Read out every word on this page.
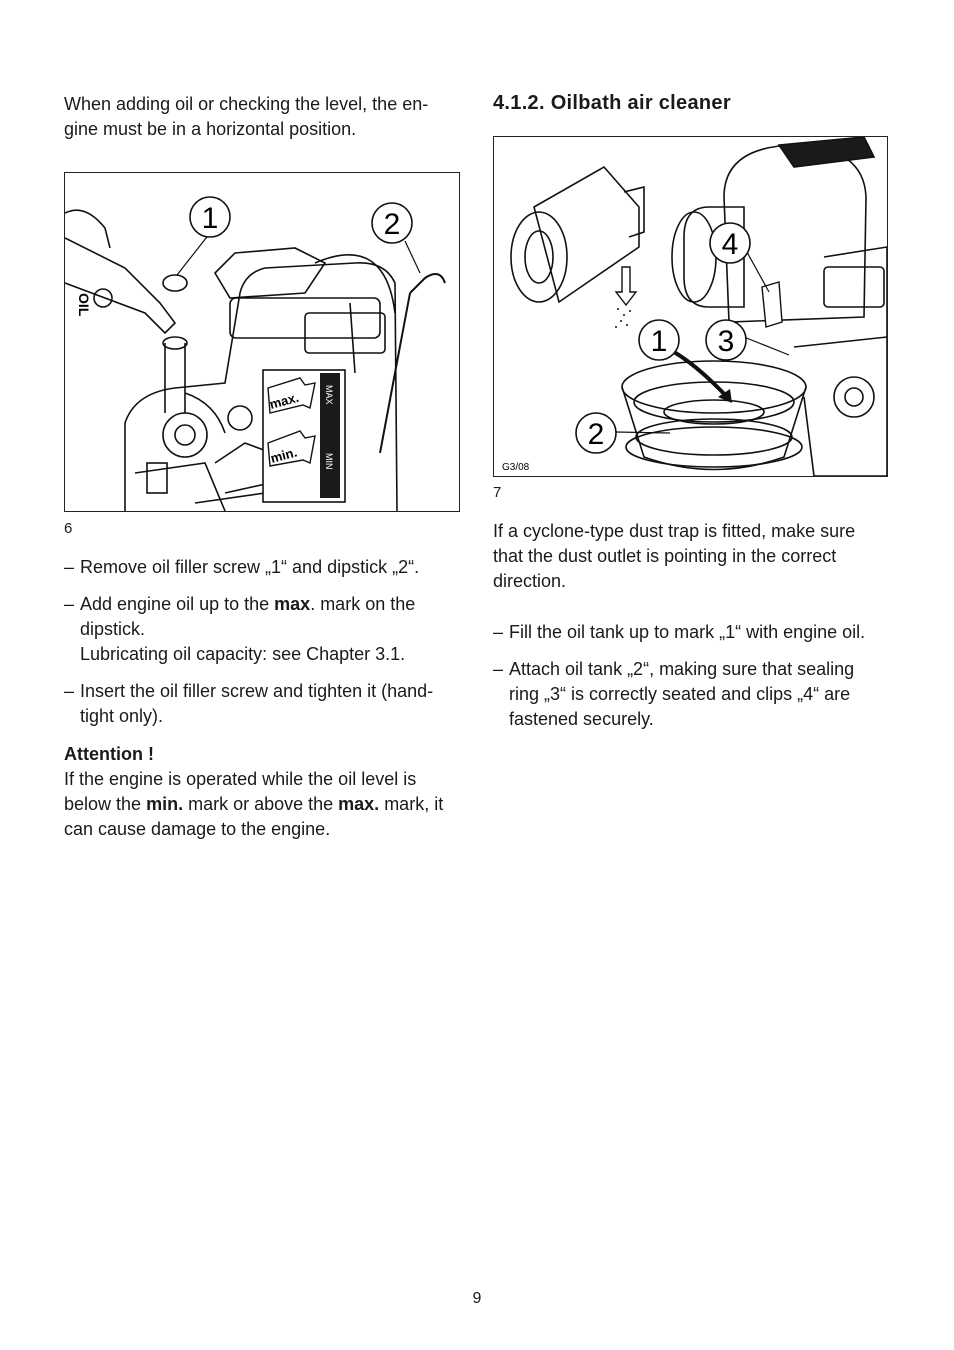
When adding oil or checking the level, the en-
gine must be in a horizontal position.

OIL
1	2
max.
min.
MAX
MIN
6
– Remove oil filler screw „1“ and dipstick „2“.
– Add engine oil up to the max. mark on the
dipstick.
Lubricating oil capacity: see Chapter 3.1.
– Insert the oil filler screw and tighten it (hand-
tight only).
Attention !

If the engine is operated while the oil level is below the min. mark or above the max. mark, it can cause damage to the engine.

4.1.2. Oilbath air cleaner
4
1 3
2
G3/08
7

If a cyclone-type dust trap is fitted, make sure that the dust outlet is pointing in the correct direction.

– Fill the oil tank up to mark „1“ with engine oil.
– Attach oil tank „2“, making sure that sealing
ring „3“ is correctly seated and clips „4“ are
fastened securely.
9
